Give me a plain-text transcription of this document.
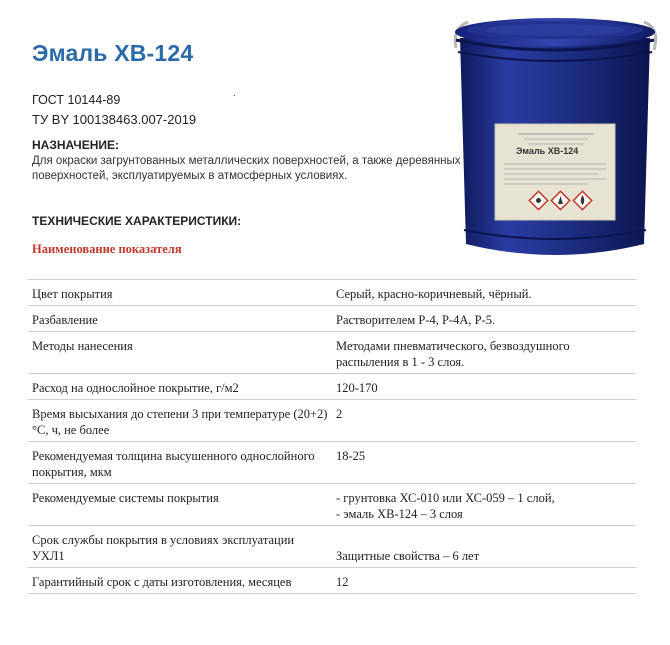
Эмаль ХВ-124
ГОСТ 10144-89	.
ТУ BY 100138463.007-2019
НАЗНАЧЕНИЕ:
Для окраски загрунтованных металлических поверхностей, а также деревянных поверхностей, эксплуатируемых в атмосферных условиях.
ТЕХНИЧЕСКИЕ ХАРАКТЕРИСТИКИ:
Наименование показателя
Эмаль ХВ-124
Цвет покрытия	Серый, красно-коричневый, чёрный.
Разбавление	Растворителем Р-4, Р-4А, Р-5.
Методы нанесения	Методами пневматического, безвоздушного распыления в 1 - 3 слоя.
Расход на однослойное покрытие, г/м2	120-170
Время высыхания до степени 3 при температуре (20+2)°С, ч, не более	2
Рекомендуемая толщина высушенного однослойного покрытия, мкм	18-25
Рекомендуемые системы покрытия	- грунтовка ХС-010 или ХС-059 – 1 слой,
- эмаль ХВ-124 – 3 слоя

Срок службы покрытия в условиях эксплуатации УХЛ1	Защитные свойства – 6 лет
Гарантийный срок с даты изготовления, месяцев	12
